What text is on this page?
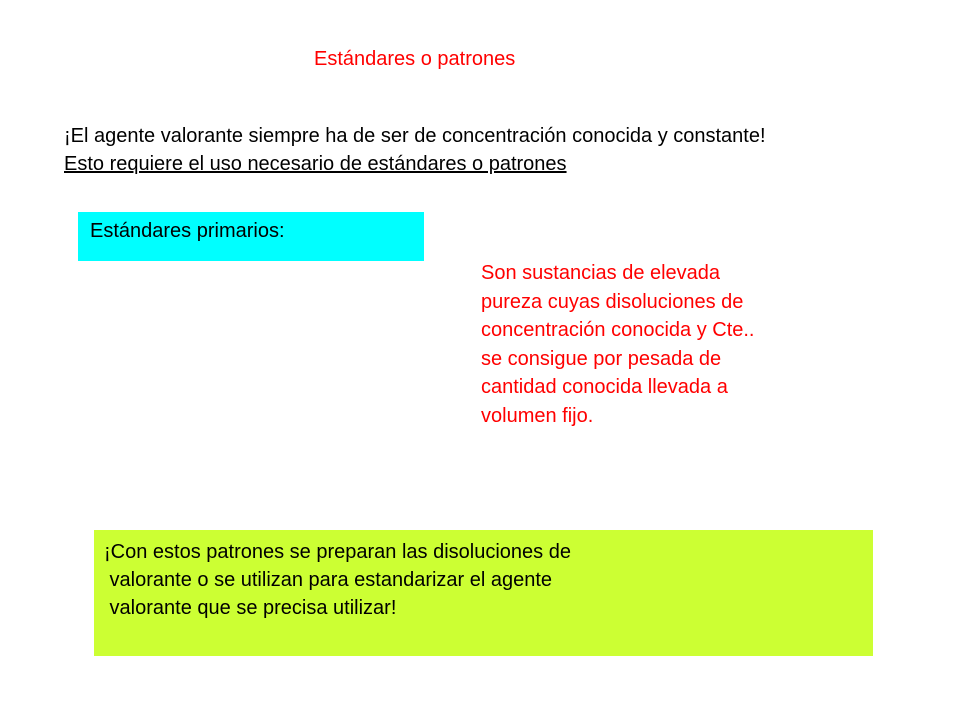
Estándares o patrones
¡El agente valorante siempre ha de ser de concentración conocida y constante!
Esto requiere el uso necesario de estándares o patrones
Estándares primarios:
Son sustancias de elevada
pureza cuyas disoluciones de
concentración conocida y Cte..
se consigue por pesada de
cantidad conocida llevada a
volumen fijo.
¡Con estos patrones se preparan las disoluciones de
valorante o se utilizan para estandarizar el agente
valorante que se precisa utilizar!
